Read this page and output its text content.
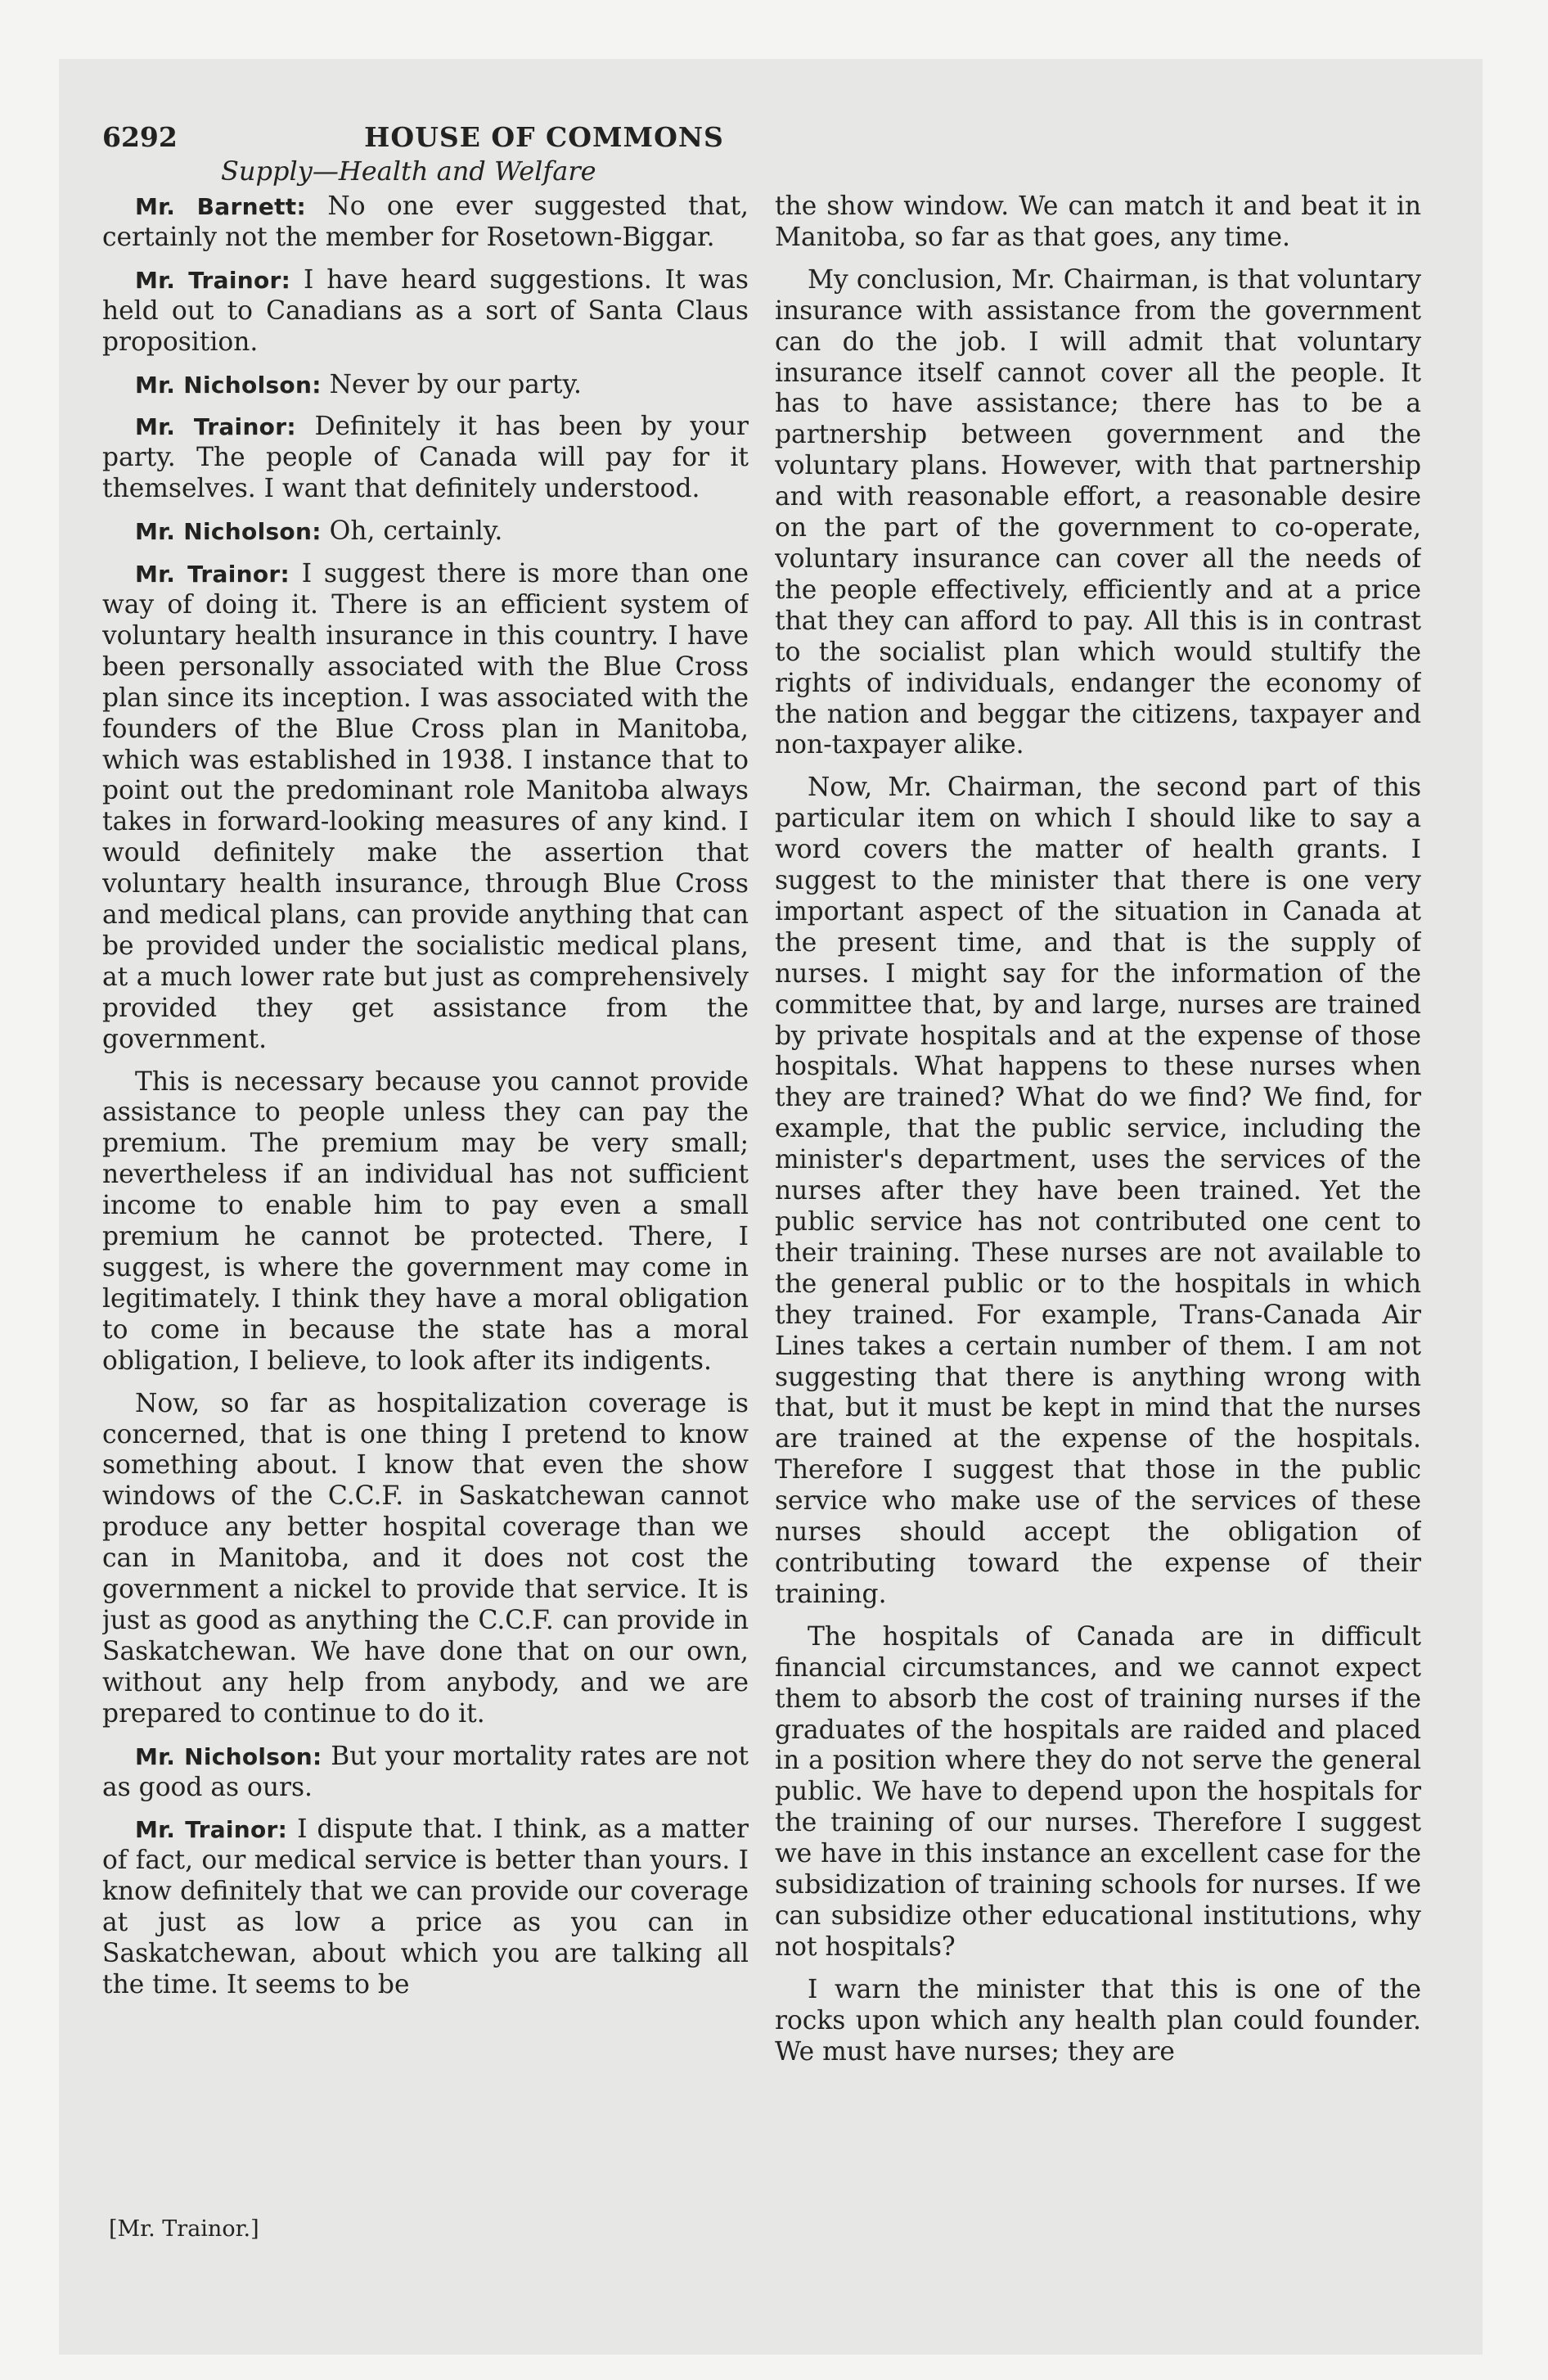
6292	HOUSE OF COMMONS
Supply—Health and Welfare

Mr. Barnett: No one ever suggested that, certainly not the member for Rosetown-Biggar.

Mr. Trainor: I have heard suggestions. It was held out to Canadians as a sort of Santa Claus proposition.

Mr. Nicholson: Never by our party.

Mr. Trainor: Definitely it has been by your party. The people of Canada will pay for it themselves. I want that definitely understood.

Mr. Nicholson: Oh, certainly.

Mr. Trainor: I suggest there is more than one way of doing it. There is an efficient system of voluntary health insurance in this country. I have been personally associated with the Blue Cross plan since its inception. I was associated with the founders of the Blue Cross plan in Manitoba, which was established in 1938. I instance that to point out the predominant role Manitoba always takes in forward-looking measures of any kind. I would definitely make the assertion that voluntary health insurance, through Blue Cross and medical plans, can provide anything that can be provided under the socialistic medical plans, at a much lower rate but just as comprehensively provided they get assistance from the government.

This is necessary because you cannot provide assistance to people unless they can pay the premium. The premium may be very small; nevertheless if an individual has not sufficient income to enable him to pay even a small premium he cannot be protected. There, I suggest, is where the government may come in legitimately. I think they have a moral obligation to come in because the state has a moral obligation, I believe, to look after its indigents.

Now, so far as hospitalization coverage is concerned, that is one thing I pretend to know something about. I know that even the show windows of the C.C.F. in Saskatchewan cannot produce any better hospital coverage than we can in Manitoba, and it does not cost the government a nickel to provide that service. It is just as good as anything the C.C.F. can provide in Saskatchewan. We have done that on our own, without any help from anybody, and we are prepared to continue to do it.

Mr. Nicholson: But your mortality rates are not as good as ours.

Mr. Trainor: I dispute that. I think, as a matter of fact, our medical service is better than yours. I know definitely that we can provide our coverage at just as low a price as you can in Saskatchewan, about which you are talking all the time. It seems to be

the show window. We can match it and beat it in Manitoba, so far as that goes, any time.

My conclusion, Mr. Chairman, is that voluntary insurance with assistance from the government can do the job. I will admit that voluntary insurance itself cannot cover all the people. It has to have assistance; there has to be a partnership between government and the voluntary plans. However, with that partnership and with reasonable effort, a reasonable desire on the part of the government to co-operate, voluntary insurance can cover all the needs of the people effectively, efficiently and at a price that they can afford to pay. All this is in contrast to the socialist plan which would stultify the rights of individuals, endanger the economy of the nation and beggar the citizens, taxpayer and non-taxpayer alike.

Now, Mr. Chairman, the second part of this particular item on which I should like to say a word covers the matter of health grants. I suggest to the minister that there is one very important aspect of the situation in Canada at the present time, and that is the supply of nurses. I might say for the information of the committee that, by and large, nurses are trained by private hospitals and at the expense of those hospitals. What happens to these nurses when they are trained? What do we find? We find, for example, that the public service, including the minister's department, uses the services of the nurses after they have been trained. Yet the public service has not contributed one cent to their training. These nurses are not available to the general public or to the hospitals in which they trained. For example, Trans-Canada Air Lines takes a certain number of them. I am not suggesting that there is anything wrong with that, but it must be kept in mind that the nurses are trained at the expense of the hospitals. Therefore I suggest that those in the public service who make use of the services of these nurses should accept the obligation of contributing toward the expense of their training.

The hospitals of Canada are in difficult financial circumstances, and we cannot expect them to absorb the cost of training nurses if the graduates of the hospitals are raided and placed in a position where they do not serve the general public. We have to depend upon the hospitals for the training of our nurses. Therefore I suggest we have in this instance an excellent case for the subsidization of training schools for nurses. If we can subsidize other educational institutions, why not hospitals?

I warn the minister that this is one of the rocks upon which any health plan could founder. We must have nurses; they are

[Mr. Trainor.]
